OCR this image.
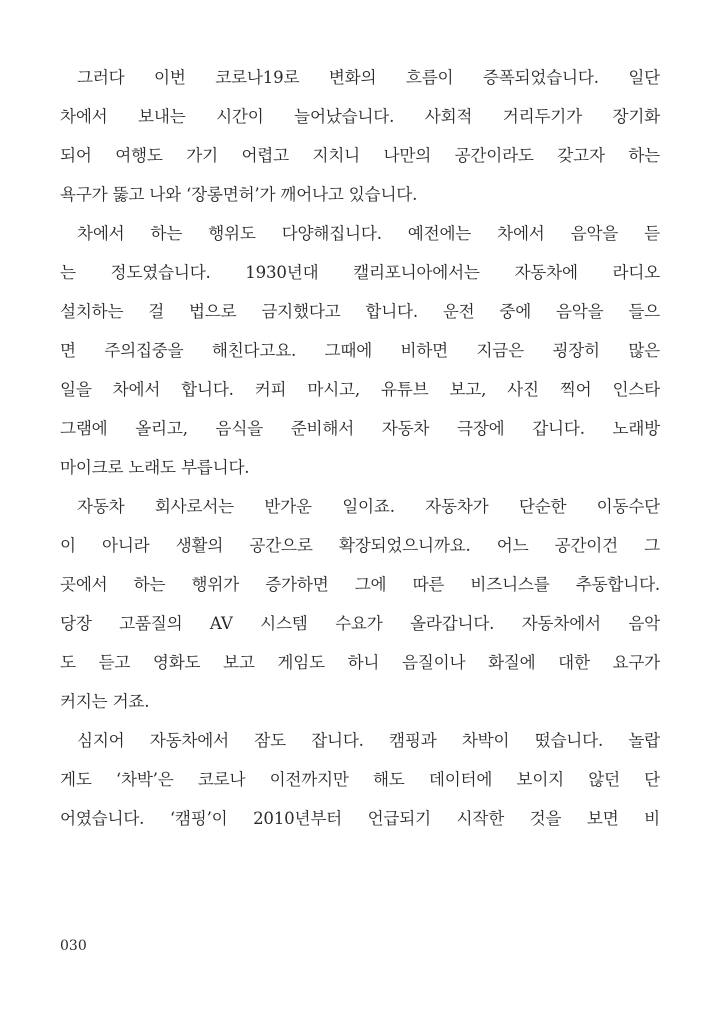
그러다 이번 코로나19로 변화의 흐름이 증폭되었습니다. 일단
차에서 보내는 시간이 늘어났습니다. 사회적 거리두기가 장기화
되어 여행도 가기 어렵고 지치니 나만의 공간이라도 갖고자 하는
욕구가 뚫고 나와 ‘장롱면허’가 깨어나고 있습니다.
차에서 하는 행위도 다양해집니다. 예전에는 차에서 음악을 듣
는 정도였습니다. 1930년대 캘리포니아에서는 자동차에 라디오
설치하는 걸 법으로 금지했다고 합니다. 운전 중에 음악을 들으
면 주의집중을 해친다고요. 그때에 비하면 지금은 굉장히 많은
일을 차에서 합니다. 커피 마시고, 유튜브 보고, 사진 찍어 인스타
그램에 올리고, 음식을 준비해서 자동차 극장에 갑니다. 노래방
마이크로 노래도 부릅니다.
자동차 회사로서는 반가운 일이죠. 자동차가 단순한 이동수단
이 아니라 생활의 공간으로 확장되었으니까요. 어느 공간이건 그
곳에서 하는 행위가 증가하면 그에 따른 비즈니스를 추동합니다.
당장 고품질의 AV 시스템 수요가 올라갑니다. 자동차에서 음악
도 듣고 영화도 보고 게임도 하니 음질이나 화질에 대한 요구가
커지는 거죠.
심지어 자동차에서 잠도 잡니다. 캠핑과 차박이 떴습니다. 놀랍
게도 ‘차박’은 코로나 이전까지만 해도 데이터에 보이지 않던 단
어였습니다. ‘캠핑’이 2010년부터 언급되기 시작한 것을 보면 비
030
